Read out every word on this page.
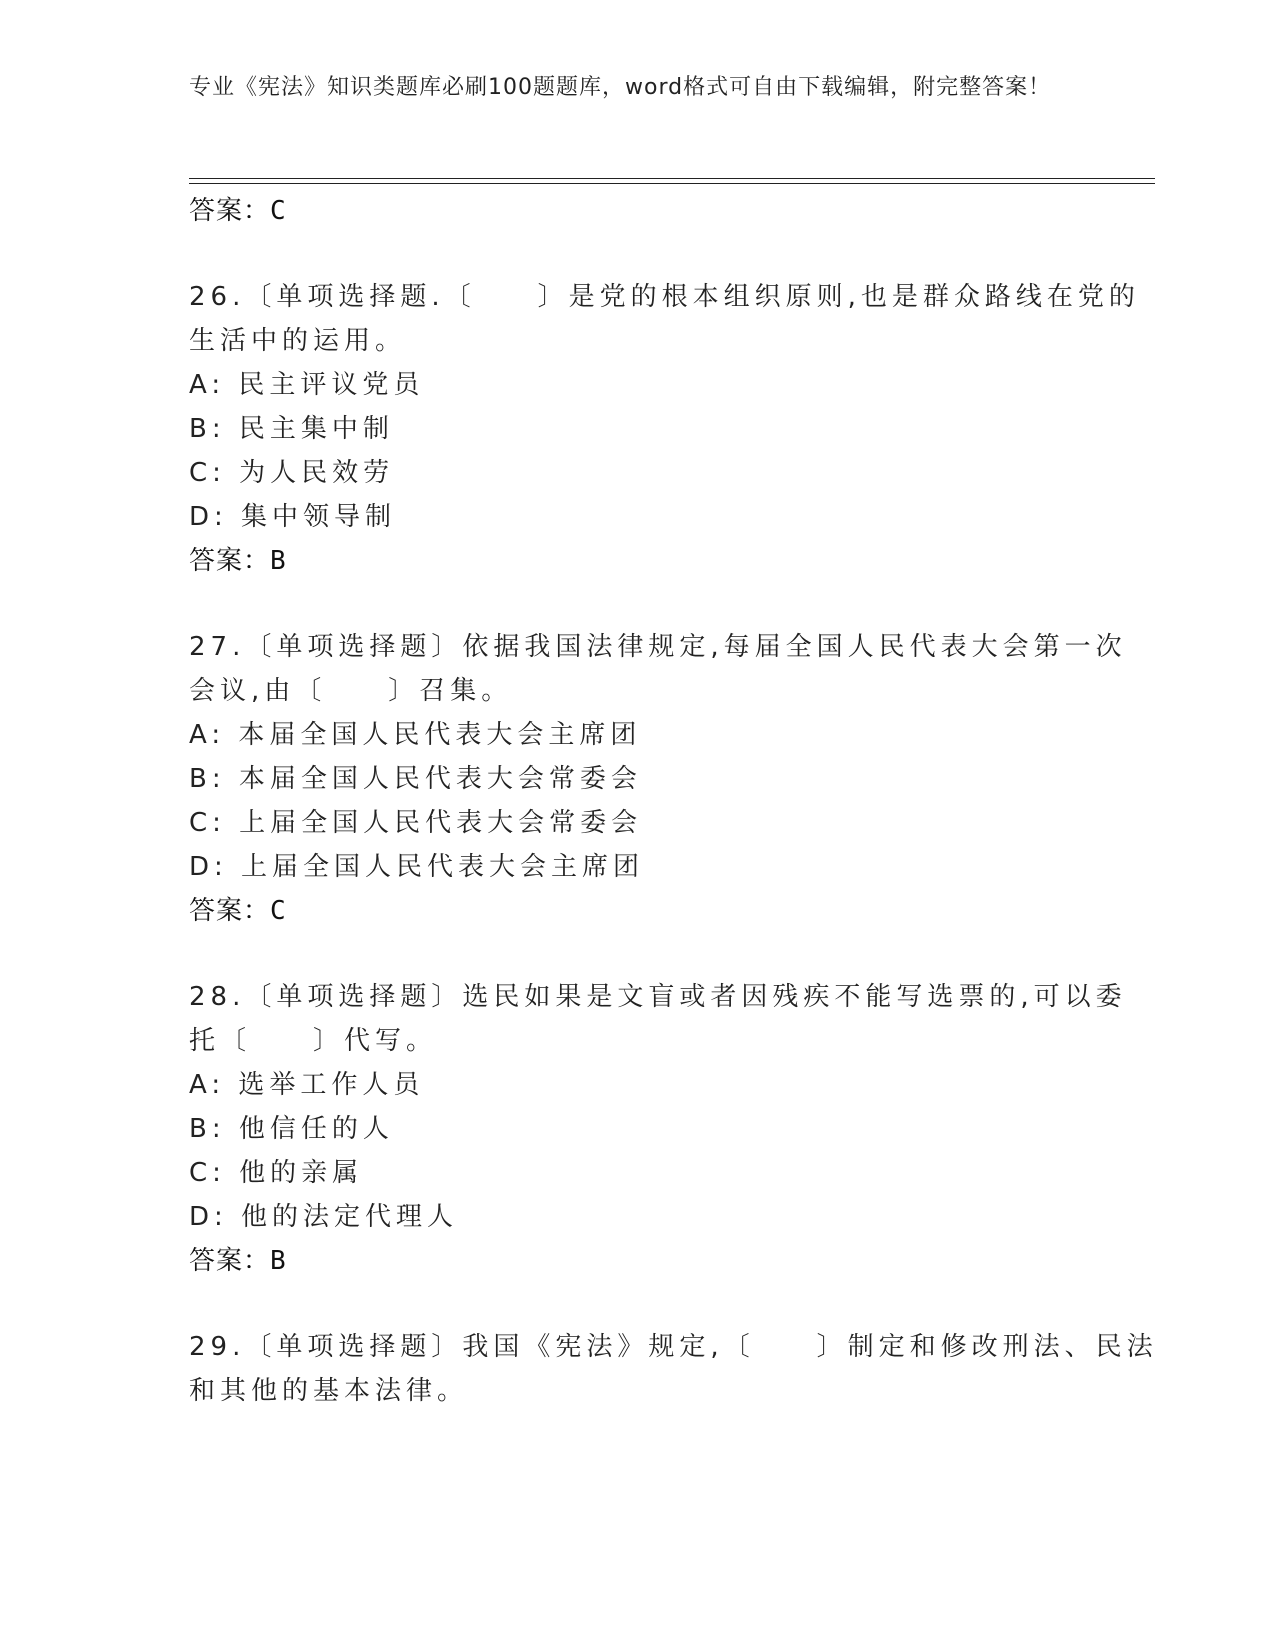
专业《宪法》知识类题库必刷100题题库，word格式可自由下载编辑，附完整答案！
答案：C
26.〔单项选择题.〔　　〕是党的根本组织原则,也是群众路线在党的
生活中的运用。
A: 民主评议党员
B: 民主集中制
C: 为人民效劳
D: 集中领导制
答案：B
27.〔单项选择题〕依据我国法律规定,每届全国人民代表大会第一次
会议,由〔　　〕召集。
A: 本届全国人民代表大会主席团
B: 本届全国人民代表大会常委会
C: 上届全国人民代表大会常委会
D: 上届全国人民代表大会主席团
答案：C
28.〔单项选择题〕选民如果是文盲或者因残疾不能写选票的,可以委
托〔　　〕代写。
A: 选举工作人员
B: 他信任的人
C: 他的亲属
D: 他的法定代理人
答案：B
29.〔单项选择题〕我国《宪法》规定,〔　　〕制定和修改刑法、民法
和其他的基本法律。
